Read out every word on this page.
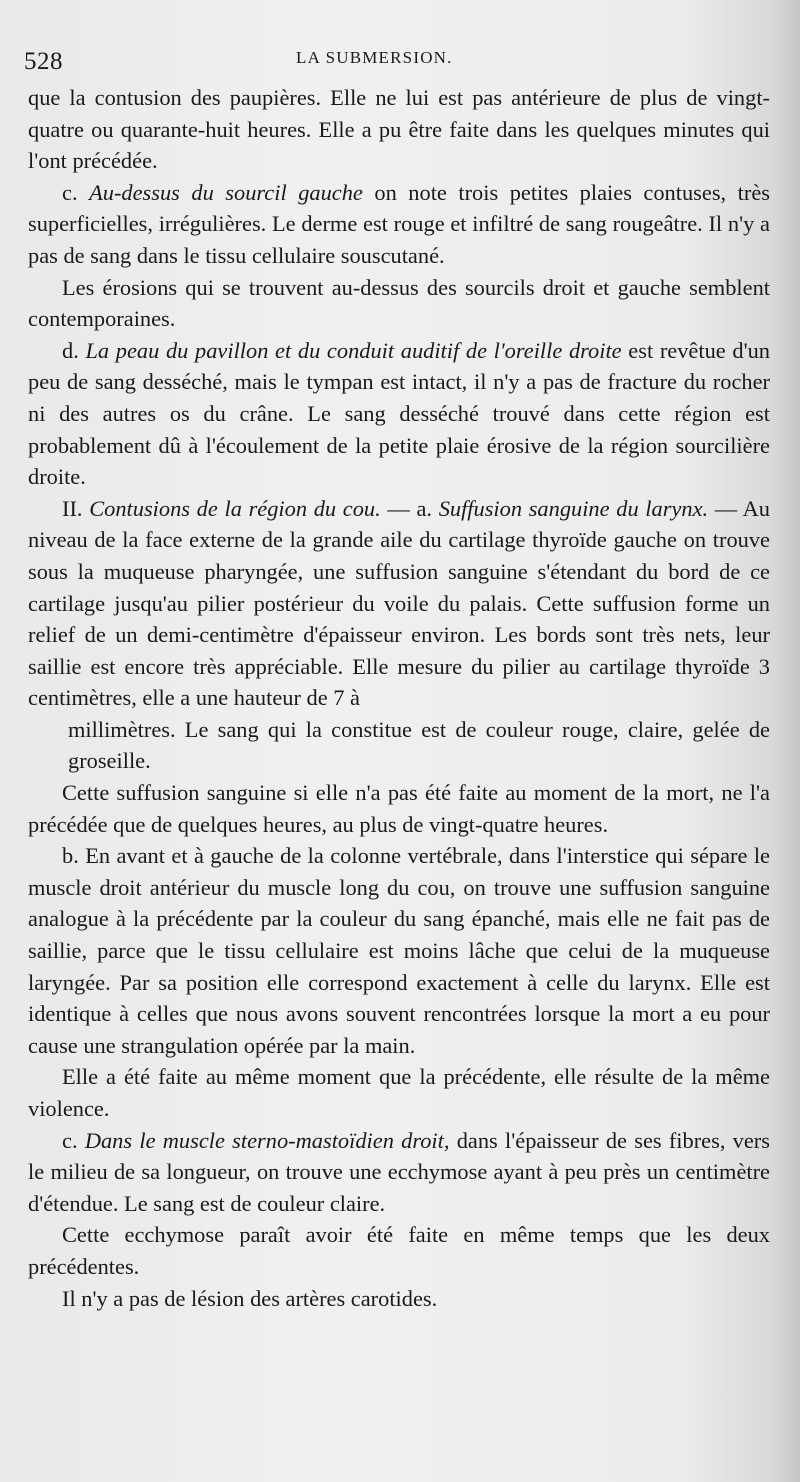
528	LA SUBMERSION.

que la contusion des paupières. Elle ne lui est pas antérieure de plus de vingt-quatre ou quarante-huit heures. Elle a pu être faite dans les quelques minutes qui l'ont précédée.

c. Au-dessus du sourcil gauche on note trois petites plaies contuses, très superficielles, irrégulières. Le derme est rouge et infiltré de sang rougeâtre. Il n'y a pas de sang dans le tissu cellulaire souscutané.

Les érosions qui se trouvent au-dessus des sourcils droit et gauche semblent contemporaines.

d. La peau du pavillon et du conduit auditif de l'oreille droite est revêtue d'un peu de sang desséché, mais le tympan est intact, il n'y a pas de fracture du rocher ni des autres os du crâne. Le sang desséché trouvé dans cette région est probablement dû à l'écoulement de la petite plaie érosive de la région sourcilière droite.

II. Contusions de la région du cou. — a. Suffusion sanguine du larynx. — Au niveau de la face externe de la grande aile du cartilage thyroïde gauche on trouve sous la muqueuse pharyngée, une suffusion sanguine s'étendant du bord de ce cartilage jusqu'au pilier postérieur du voile du palais. Cette suffusion forme un relief de un demi-centimètre d'épaisseur environ. Les bords sont très nets, leur saillie est encore très appréciable. Elle mesure du pilier au cartilage thyroïde 3 centimètres, elle a une hauteur de 7 à

millimètres. Le sang qui la constitue est de couleur rouge, claire, gelée de groseille.

Cette suffusion sanguine si elle n'a pas été faite au moment de la mort, ne l'a précédée que de quelques heures, au plus de vingt-quatre heures.

b. En avant et à gauche de la colonne vertébrale, dans l'interstice qui sépare le muscle droit antérieur du muscle long du cou, on trouve une suffusion sanguine analogue à la précédente par la couleur du sang épanché, mais elle ne fait pas de saillie, parce que le tissu cellulaire est moins lâche que celui de la muqueuse laryngée. Par sa position elle correspond exactement à celle du larynx. Elle est identique à celles que nous avons souvent rencontrées lorsque la mort a eu pour cause une strangulation opérée par la main.

Elle a été faite au même moment que la précédente, elle résulte de la même violence.

c. Dans le muscle sterno-mastoïdien droit, dans l'épaisseur de ses fibres, vers le milieu de sa longueur, on trouve une ecchymose ayant à peu près un centimètre d'étendue. Le sang est de couleur claire.

Cette ecchymose paraît avoir été faite en même temps que les deux précédentes.

Il n'y a pas de lésion des artères carotides.
